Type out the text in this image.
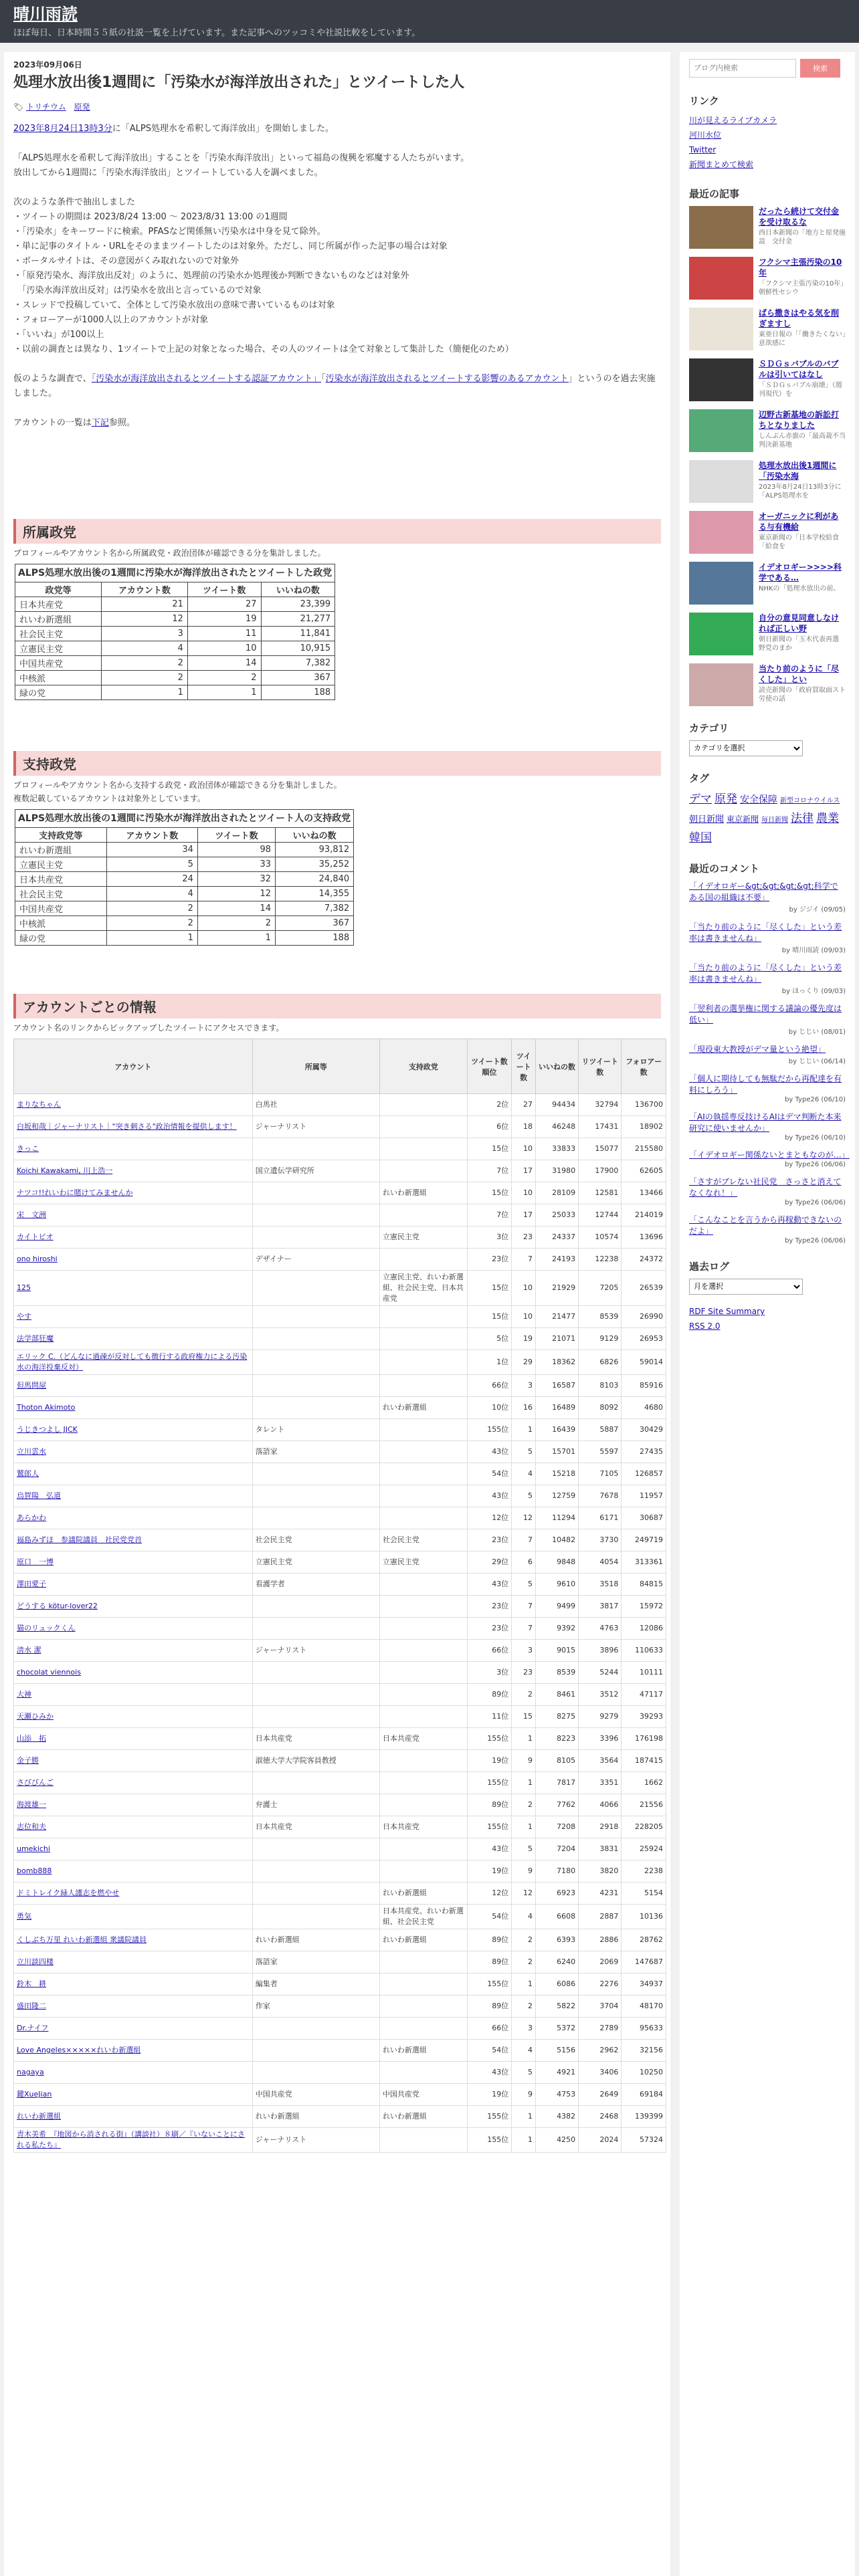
晴川雨読
ほぼ毎日、日本時間５５紙の社説一覧を上げています。また記事へのツッコミや社説比較をしています。
2023年09月06日
処理水放出後1週間に「汚染水が海洋放出された」とツイートした人
🏷 トリチウム 原発

2023年8月24日13時3分に「ALPS処理水を希釈して海洋放出」を開始しました。

「ALPS処理水を希釈して海洋放出」することを「汚染水海洋放出」といって福島の復興を邪魔する人たちがいます。
放出してから1週間に「汚染水海洋放出」とツイートしている人を調べました。

次のような条件で抽出しました
・ツイートの期間は 2023/8/24 13:00 〜 2023/8/31 13:00 の1週間
・「汚染水」をキーワードに検索。PFASなど関係無い汚染水は中身を見て除外。
・単に記事のタイトル・URLをそのままツイートしたのは対象外。ただし、同じ所属が作った記事の場合は対象
・ボータルサイトは、その意図がくみ取れないので対象外
・「原発汚染水、海洋放出反対」のように、処理前の汚染水か処理後か判断できないものなどは対象外
　「汚染水海洋放出反対」は汚染水を放出と言っているので対象
・スレッドで投稿していて、全体として汚染水放出の意味で書いているものは対象
・フォローアーが1000人以上のアカウントが対象
・「いいね」が100以上
・以前の調査とは異なり、1ツイートで上記の対象となった場合、その人のツイートは全て対象として集計した（簡便化のため）

仮のような調査で、「汚染水が海洋放出されるとツイートする認証アカウント」「汚染水が海洋放出されるとツイートする影響のあるアカウント」というのを過去実施しました。

アカウントの一覧は下記参照。

所属政党
プロフィールやアカウント名から所属政党・政治団体が確認できる分を集計しました。
ALPS処理水放出後の1週間に汚染水が海洋放出されたとツイートした政党			
政党等	アカウント数	ツイート数	いいねの数
日本共産党	21	27	23,399
れいわ新選組	12	19	21,277
社会民主党	3	11	11,841
立憲民主党	4	10	10,915
中国共産党	2	14	7,382
中核派	2	2	367
緑の党	1	1	188
支持政党
プロフィールやアカウント名から支持する政党・政治団体が確認できる分を集計しました。
複数記載しているアカウントは対象外としています。
ALPS処理水放出後の1週間に汚染水が海洋放出されたとツイート人の支持政党			
支持政党等	アカウント数	ツイート数	いいねの数
れいわ新選組	34	98	93,812
立憲民主党	5	33	35,252
日本共産党	24	32	24,840
社会民主党	4	12	14,355
中国共産党	2	14	7,382
中核派	2	2	367
緑の党	1	1	188
アカウントごとの情報
アカウント名のリンクからピックアップしたツイートにアクセスできます。
アカウント	所属等	支持政党	ツイート数順位	ツイート数	いいねの数	リツイート数	フォロアー数
まりなちゃん	白馬社		2位	27	94434	32794	136700
白坂和哉｜ジャーナリスト｜"突き刺さる"政治情報を提供します！	ジャーナリスト		6位	18	46248	17431	18902
きっこ			15位	10	33833	15077	215580
Koichi Kawakami, 川上浩一	国立遺伝学研究所		7位	17	31980	17900	62605
ナツコ!!れいわに賭けてみませんか		れいわ新選組	15位	10	28109	12581	13466
宋　文洲			7位	17	25033	12744	214019
カイトビオ		立憲民主党	3位	23	24337	10574	13696
ono hiroshi	デザイナー		23位	7	24193	12238	24372
125		立憲民主党、れいわ新選組、社会民主党、日本共産党	15位	10	21929	7205	26539
やす			15位	10	21477	8539	26990
法学部狂魔			5位	19	21071	9129	26953
エリック C.（どんなに過疎が反対しても徴行する政府権力による汚染水の海洋投棄反対）			1位	29	18362	6826	59014
但馬問屋			66位	3	16587	8103	85916
Thoton Akimoto		れいわ新選組	10位	16	16489	8092	4680
うじきつよし JJCK	タレント		155位	1	16439	5887	30429
立川雲水	落語家		43位	5	15701	5597	27435
鷲郎人			54位	4	15218	7105	126857
烏賀陽　弘道			43位	5	12759	7678	11957
あらかわ			12位	12	11294	6171	30687
福島みずほ　参議院議員　社民党党首	社会民主党	社会民主党	23位	7	10482	3730	249719
原口　一博	立憲民主党	立憲民主党	29位	6	9848	4054	313361
澤田愛子	看護学者		43位	5	9610	3518	84815
どうする kötur-lover22			23位	7	9499	3817	15972
猫のリュックくん			23位	7	9392	4763	12086
清水 潔	ジャーナリスト		66位	3	9015	3896	110633
chocolat viennois			3位	23	8539	5244	10111
大神			89位	2	8461	3512	47117
天瀬ひみか			11位	15	8275	9279	39293
山添　拓	日本共産党	日本共産党	155位	1	8223	3396	176198
金子勝	淑徳大学大学院客員教授		19位	9	8105	3564	187415
さびびんご			155位	1	7817	3351	1662
海渡雄一	弁護士		89位	2	7762	4066	21556
志位和夫	日本共産党	日本共産党	155位	1	7208	2918	228205
umekichi			43位	5	7204	3831	25924
bomb888			19位	9	7180	3820	2238
ドミトレイク緑人謹志を燃やせ		れいわ新選組	12位	12	6923	4231	5154
勇気		日本共産党、れいわ新選組、社会民主党	54位	4	6608	2887	10136
くしぶち万里 れいわ新選組 衆議院議員	れいわ新選組	れいわ新選組	89位	2	6393	2886	28762
立川談四楼	落語家		89位	2	6240	2069	147687
鈴木　耕	編集者		155位	1	6086	2276	34937
盛田隆二	作家		89位	2	5822	3704	48170
Dr.ナイフ			66位	3	5372	2789	95633
Love Angeles×××××れいわ新選組		れいわ新選組	54位	4	5156	2962	32156
nagaya			43位	5	4921	3406	10250
鍵XueJian	中国共産党	中国共産党	19位	9	4753	2649	69184
れいわ新選組	れいわ新選組	れいわ新選組	155位	1	4382	2468	139399
青木美希　『地図から消される街』（講談社）８刷／『いないことにされる私たち』	ジャーナリスト		155位	1	4250	2024	57324
ブログ内検索
検索
リンク
川が見えるライブカメラ
河川水位
Twitter
新聞まとめて検索
最近の記事
だったら続けて交付金を受け取るな
西日本新聞の「地方と原発施設　交付金
フクシマ主張汚染の10年
「フクシマ主張汚染の10年」朝鮮性セシウ
ばら撒きはやる気を削ぎますし
東亜日報の「「働きたくない」意欲感に
ＳＤＧｓバブルのバブルは引いてはなし
「ＳＤＧｓバブル崩壊」（週刊現代）を
辺野古新基地の訴訟打ちとなりました
しんぶん赤旗の「最高裁不当判決新基地
処理水放出後1週間に「汚染水海
2023年8月24日13時3分に「ALPS処理水を
オーガニックに利がある与有機給
東京新聞の「日本学校給食　「給食を
イデオロギー>>>>科学である…
NHKの「処理水放出の前、
自分の意見同意しなければ正しい野
朝日新聞の「玉木代表再選　野党のまか
当たり前のように「尽くした」とい
読売新聞の「政府買取面スト　労使の話
カテゴリ
カテゴリを選択
タグ
デマ 原発 安全保障 新型コロナウイルス朝日新聞 東京新聞 毎日新聞 法律 農業韓国
最近のコメント
「イデオロギー&gt;&gt;&gt;&gt;科学である国の組織は不要」
by ジジイ (09/05)
「当たり前のように「尽くした」という差率は書きませんね」
by 晴川雨読 (09/03)
「当たり前のように「尽くした」という差率は書きませんね」
by ほっくり (09/03)
「翌利者の選挙権に関する議論の優先度は低い」
by じじい (08/01)
「現役東大教授がデマ量という絶望」
by じじい (06/14)
「個人に期待しても無駄だから再配達を有料にしろう」
by Type26 (06/10)
「AIの執揺専反技けるAIはデマ判断た本来研究に使いませんか」
by Type26 (06/10)
「イデオロギー関係ないとまともなのが…」
by Type26 (06/06)
「さすがブレない社民党　さっさと消えてなくなれ！」
by Type26 (06/06)
「こんなことを言うから再稼動できないのだよ」
by Type26 (06/06)
過去ログ
月を選択
RDF Site Summary
RSS 2.0
